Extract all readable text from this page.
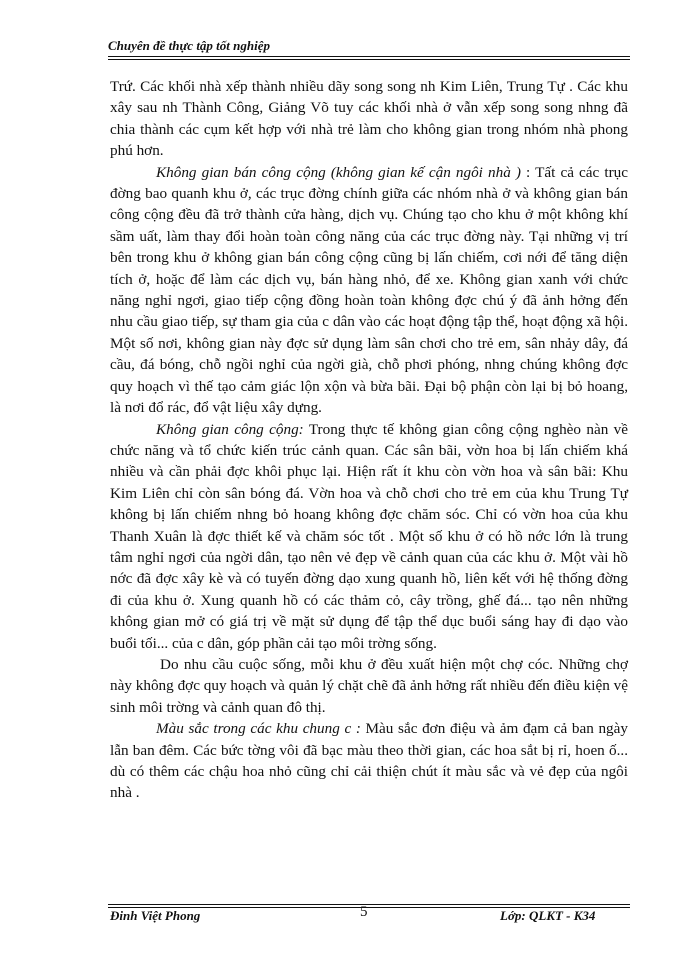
Chuyên đề thực tập tốt nghiệp

Trứ. Các khối nhà xếp thành nhiều dãy song song nh Kim Liên, Trung Tự . Các khu xây sau nh Thành Công, Giảng Võ tuy các khối nhà ở vẫn xếp song song nhng đã chia thành các cụm kết hợp với nhà trẻ làm cho không gian trong nhóm nhà phong phú hơn.

Không gian bán công cộng (không gian kế cận ngôi nhà ) : Tất cả các trục đờng bao quanh khu ở, các trục đờng chính giữa các nhóm nhà ở và không gian bán công cộng đều đã trở thành cửa hàng, dịch vụ. Chúng tạo cho khu ở một không khí sầm uất, làm thay đổi hoàn toàn công năng của các trục đờng này. Tại những vị trí bên trong khu ở không gian bán công cộng cũng bị lấn chiếm, cơi nới để tăng diện tích ở, hoặc để làm các dịch vụ, bán hàng nhỏ, để xe. Không gian xanh với chức năng nghỉ ngơi, giao tiếp cộng đồng hoàn toàn không đợc chú ý đã ảnh hởng đến nhu cầu giao tiếp, sự tham gia của c dân vào các hoạt động tập thể, hoạt động xã hội. Một số nơi, không gian này đợc sử dụng làm sân chơi cho trẻ em, sân nhảy dây, đá cầu, đá bóng, chỗ ngồi nghỉ của ngời già, chỗ phơi phóng, nhng chúng không đợc quy hoạch vì thế tạo cảm giác lộn xộn và bừa bãi. Đại bộ phận còn lại bị bỏ hoang, là nơi đổ rác, đổ vật liệu xây dựng.

Không gian công cộng: Trong thực tế không gian công cộng nghèo nàn về chức năng và tổ chức kiến trúc cảnh quan. Các sân bãi, vờn hoa bị lấn chiếm khá nhiều và cần phải đợc khôi phục lại. Hiện rất ít khu còn vờn hoa và sân bãi: Khu Kim Liên chỉ còn sân bóng đá. Vờn hoa và chỗ chơi cho trẻ em của khu Trung Tự không bị lấn chiếm nhng bỏ hoang không đợc chăm sóc. Chỉ có vờn hoa của khu Thanh Xuân là đợc thiết kế và chăm sóc tốt . Một số khu ở có hồ nớc lớn là trung tâm nghỉ ngơi của ngời dân, tạo nên vẻ đẹp về cảnh quan của các khu ở. Một vài hồ nớc đã đợc xây kè và có tuyến đờng dạo xung quanh hồ, liên kết với hệ thống đờng đi của khu ở. Xung quanh hồ có các thảm cỏ, cây trồng, ghế đá... tạo nên những không gian mở có giá trị về mặt sử dụng để tập thể dục buổi sáng hay đi dạo vào buổi tối... của c dân, góp phần cải tạo môi trờng sống.

Do nhu cầu cuộc sống, mỗi khu ở đều xuất hiện một chợ cóc. Những chợ này không đợc quy hoạch và quản lý chặt chẽ đã ảnh hởng rất nhiều đến điều kiện vệ sinh môi trờng và cảnh quan đô thị.

Màu sắc trong các khu chung c : Màu sắc đơn điệu và ảm đạm cả ban ngày lẫn ban đêm. Các bức tờng vôi đã bạc màu theo thời gian, các hoa sắt bị rỉ, hoen ố... dù có thêm các chậu hoa nhỏ cũng chỉ cải thiện chút ít màu sắc và vẻ đẹp của ngôi nhà .

Đinh Việt Phong	5	Lớp: QLKT - K34
